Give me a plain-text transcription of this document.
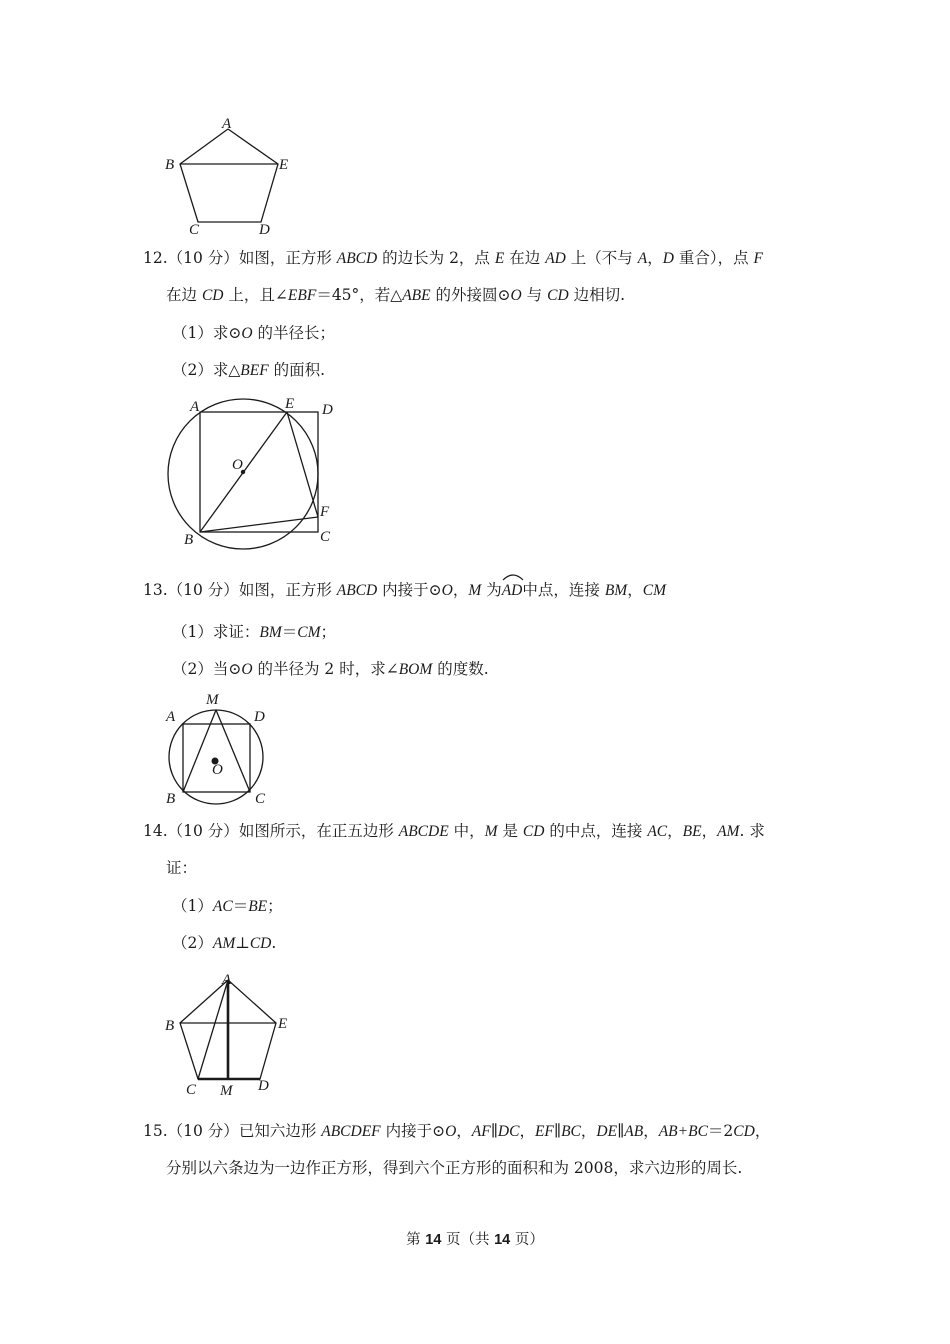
A
B	E
C	D
12.（10 分）如图，正方形 ABCD 的边长为 2，点 E 在边 AD 上（不与 A，D 重合），点 F
在边 CD 上，且∠EBF＝45°，若△ABE 的外接圆⊙O 与 CD 边相切.
（1）求⊙O 的半径长；
（2）求△BEF 的面积.
A	E D
O
F
B	C
13.（10 分）如图，正方形 ABCD 内接于⊙O，M 为
AD中点，连接 BM，CM
（1）求证：BM＝CM；
（2）当⊙O 的半径为 2 时，求∠BOM 的度数.
M
A	D
O
B	C
14.（10 分）如图所示，在正五边形 ABCDE 中，M 是 CD 的中点，连接 AC，BE，AM. 求
证：
（1）AC＝BE；
（2）AM⊥CD.
A
B	E
C M D
15.（10 分）已知六边形 ABCDEF 内接于⊙O，AF∥DC，EF∥BC，DE∥AB，AB+BC＝2CD，
分别以六条边为一边作正方形，得到六个正方形的面积和为 2008，求六边形的周长.
第 14 页（共 14 页）
